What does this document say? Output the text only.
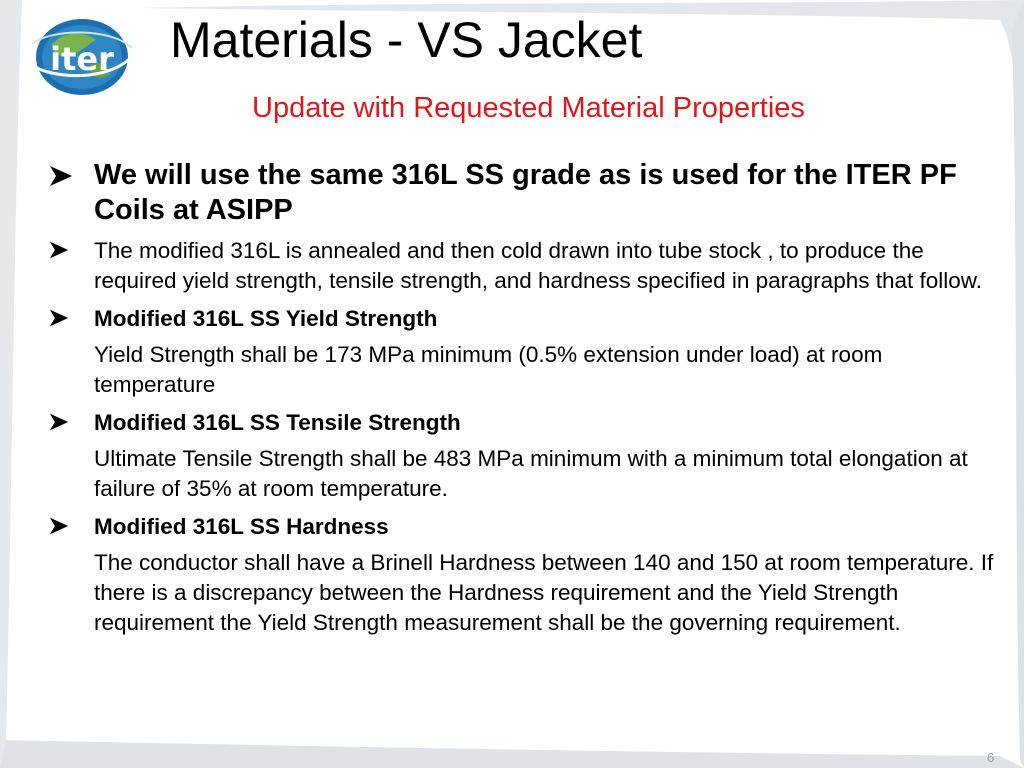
iter Materials - VS Jacket
Update with Requested Material Properties
We will use the same 316L SS grade as is used for the ITER PF Coils at ASIPP
The modified 316L is annealed and then cold drawn into tube stock , to produce the required yield strength, tensile strength, and hardness specified in paragraphs that follow.
Modified 316L SS Yield Strength
Yield Strength shall be 173 MPa minimum (0.5% extension under load) at room temperature
Modified 316L SS Tensile Strength
Ultimate Tensile Strength shall be 483 MPa minimum with a minimum total elongation at failure of 35% at room temperature.
Modified 316L SS Hardness
The conductor shall have a Brinell Hardness between 140 and 150 at room temperature. If there is a discrepancy between the Hardness requirement and the Yield Strength requirement the Yield Strength measurement shall be the governing requirement.
6
